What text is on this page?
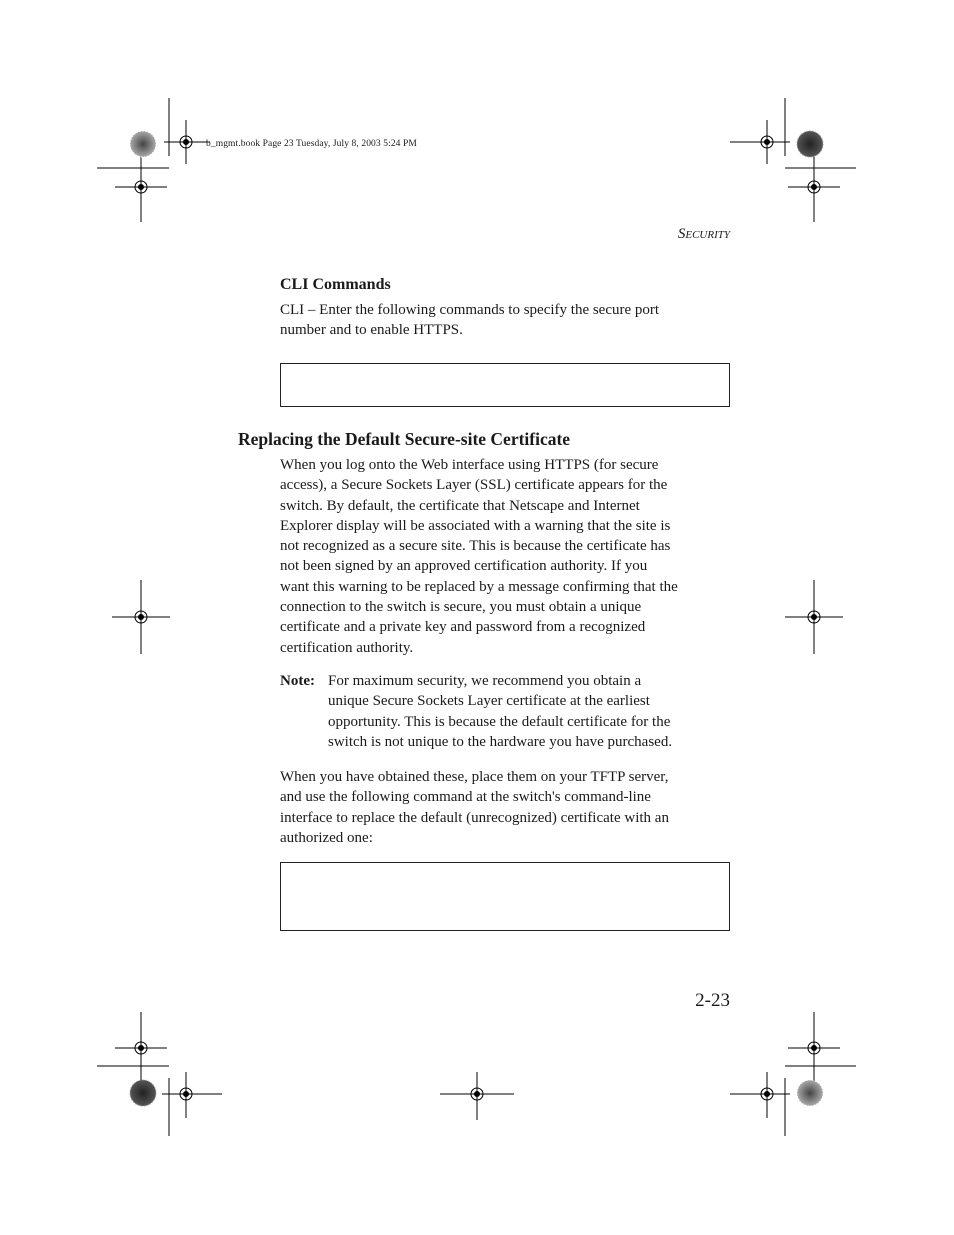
b_mgmt.book Page 23 Tuesday, July 8, 2003 5:24 PM
SECURITY
CLI Commands

CLI – Enter the following commands to specify the secure port
number and to enable HTTPS.

Replacing the Default Secure-site Certificate

When you log onto the Web interface using HTTPS (for secure
access), a Secure Sockets Layer (SSL) certificate appears for the
switch. By default, the certificate that Netscape and Internet
Explorer display will be associated with a warning that the site is
not recognized as a secure site. This is because the certificate has
not been signed by an approved certification authority. If you
want this warning to be replaced by a message confirming that the
connection to the switch is secure, you must obtain a unique
certificate and a private key and password from a recognized
certification authority.

Note: For maximum security, we recommend you obtain a
unique Secure Sockets Layer certificate at the earliest
opportunity. This is because the default certificate for the
switch is not unique to the hardware you have purchased.

When you have obtained these, place them on your TFTP server,
and use the following command at the switch's command-line
interface to replace the default (unrecognized) certificate with an
authorized one:

2-23
